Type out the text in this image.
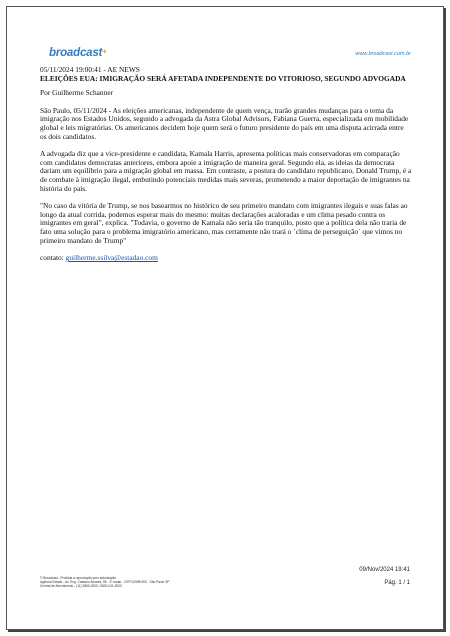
broadcast+	www.broadcast.com.br

05/11/2024 19:00:41 - AE NEWS

ELEIÇÕES EUA: IMIGRAÇÃO SERÁ AFETADA INDEPENDENTE DO VITORIOSO, SEGUNDO ADVOGADA

Por Guilherme Schanner

São Paulo, 05/11/2024 - As eleições americanas, independente de quem vença, trarão grandes mudanças para o tema da imigração nos Estados Unidos, segundo a advogada da Astra Global Advisors, Fabiana Guerra, especializada em mobilidade global e leis migratórias. Os americanos decidem hoje quem será o futuro presidente do país em uma disputa acirrada entre os dois candidatos.

A advogada diz que a vice-presidente e candidata, Kamala Harris, apresenta políticas mais conservadoras em comparação com candidatos democratas anteriores, embora apoie a imigração de maneira geral. Segundo ela, as ideias da democrata dariam um equilíbrio para a migração global em massa. Em contraste, a postura do candidato republicano, Donald Trump, é a de combate à imigração ilegal, embutindo potenciais medidas mais severas, prometendo a maior deportação de imigrantes na história do país.

"No caso da vitória de Trump, se nos basearmos no histórico de seu primeiro mandato com imigrantes ilegais e suas falas ao longo da atual corrida, podemos esperar mais do mesmo: muitas declarações acaloradas e um clima pesado contra os imigrantes em geral", explica. "Todavia, o governo de Kamala não seria tão tranquilo, posto que a política dela não traria de fato uma solução para o problema imigratório americano, mas certamente não trará o ´clima de perseguição´ que vimos no primeiro mandato de Trump"

contato: guilherme.ssilva@estadao.com

09/Nov/2024 19:41
Pág. 1 / 1
© Broadcast - Proibida a reprodução sem autorização.
Agência Estado - Av. Eng. Caetano Álvares, 55 - 3º andar - CEP 02598-900 - São Paulo SP
Central de Atendimento - (11) 3856-2500 / 0800-011-3000
